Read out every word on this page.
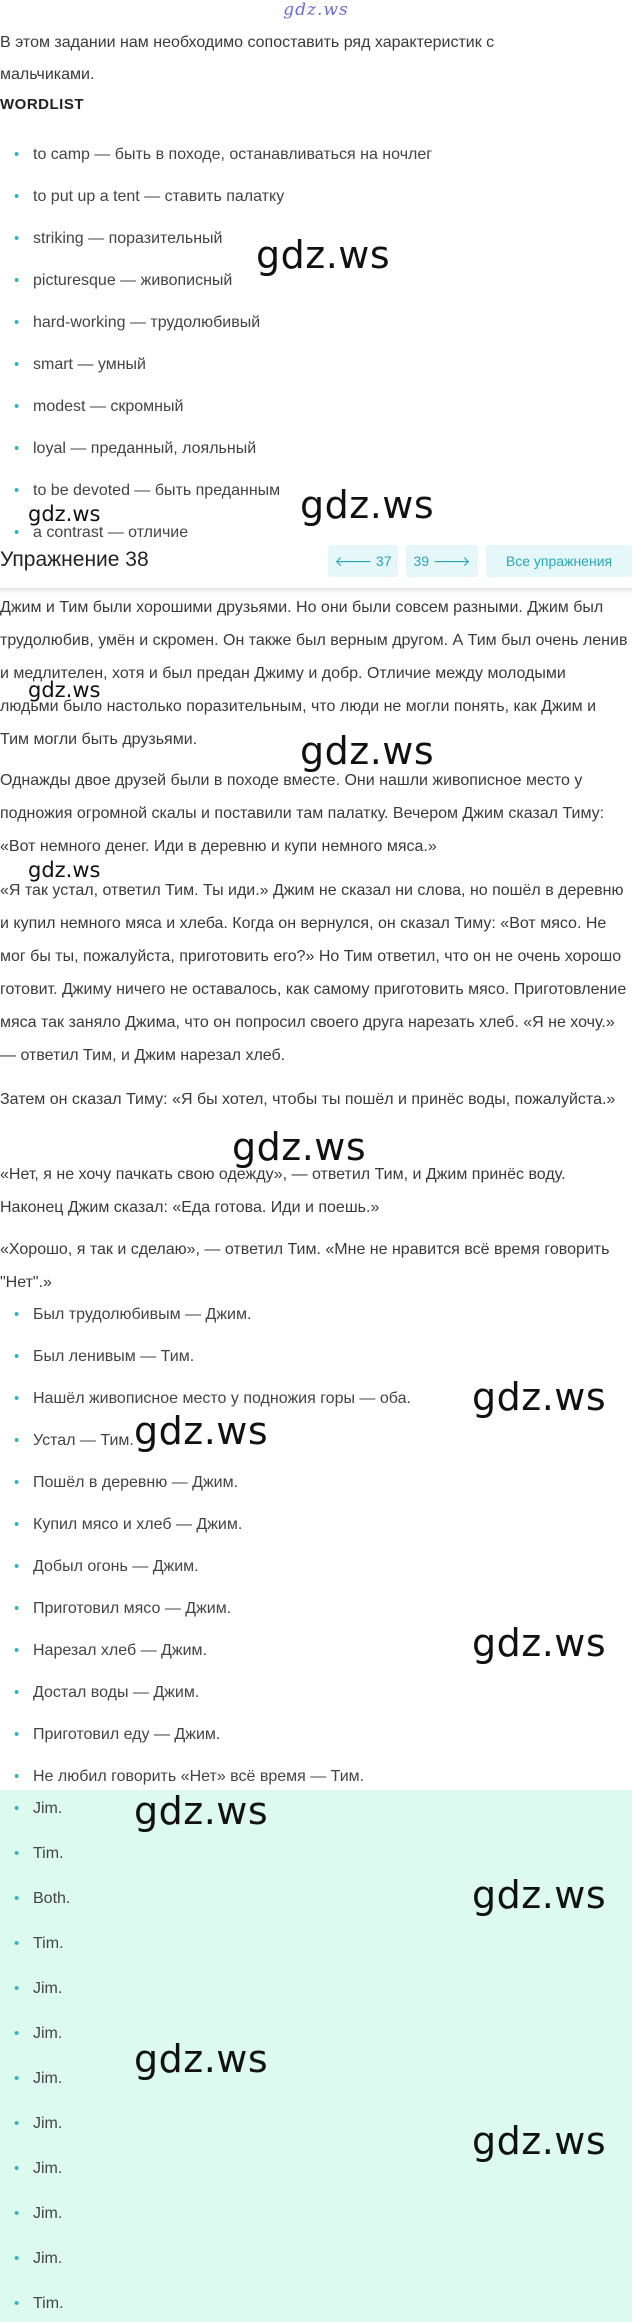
gdz.ws
В этом задании нам необходимо сопоставить ряд характеристик с мальчиками.
WORDLIST
• to camp — быть в походе, останавливаться на ночлег
• to put up a tent — ставить палатку
• striking — поразительный
• picturesque — живописный
• hard-working — трудолюбивый
• smart — умный
• modest — скромный
• loyal — преданный, лояльный
• to be devoted — быть преданным
• a contrast — отличие
Упражнение 38	🡐 37	39 🡒	Все упражнения
Джим и Тим были хорошими друзьями. Но они были совсем разными. Джим был трудолюбив, умён и скромен. Он также был верным другом. А Тим был очень ленив и медлителен, хотя и был предан Джиму и добр. Отличие между молодыми людьми было настолько поразительным, что люди не могли понять, как Джим и Тим могли быть друзьями.
Однажды двое друзей были в походе вместе. Они нашли живописное место у подножия огромной скалы и поставили там палатку. Вечером Джим сказал Тиму: «Вот немного денег. Иди в деревню и купи немного мяса.»
«Я так устал, ответил Тим. Ты иди.» Джим не сказал ни слова, но пошёл в деревню и купил немного мяса и хлеба. Когда он вернулся, он сказал Тиму: «Вот мясо. Не мог бы ты, пожалуйста, приготовить его?» Но Тим ответил, что он не очень хорошо готовит. Джиму ничего не оставалось, как самому приготовить мясо. Приготовление мяса так заняло Джима, что он попросил своего друга нарезать хлеб. «Я не хочу.» — ответил Тим, и Джим нарезал хлеб.
Затем он сказал Тиму: «Я бы хотел, чтобы ты пошёл и принёс воды, пожалуйста.»
«Нет, я не хочу пачкать свою одежду», — ответил Тим, и Джим принёс воду. Наконец Джим сказал: «Еда готова. Иди и поешь.»
«Хорошо, я так и сделаю», — ответил Тим. «Мне не нравится всё время говорить "Нет".»
• Был трудолюбивым — Джим.
• Был ленивым — Тим.
• Нашёл живописное место у подножия горы — оба.
• Устал — Тим.
• Пошёл в деревню — Джим.
• Купил мясо и хлеб — Джим.
• Добыл огонь — Джим.
• Приготовил мясо — Джим.
• Нарезал хлеб — Джим.
• Достал воды — Джим.
• Приготовил еду — Джим.
• Не любил говорить «Нет» всё время — Тим.
• Jim.
• Tim.
• Both.
• Tim.
• Jim.
• Jim.
• Jim.
• Jim.
• Jim.
• Jim.
• Jim.
• Tim.
gdz.ws
gdz.ws	gdz.ws
gdz.ws
gdz.ws
gdz.ws
gdz.ws
gdz.ws
gdz.ws
gdz.ws
gdz.ws
gdz.ws
gdz.ws
gdz.ws
